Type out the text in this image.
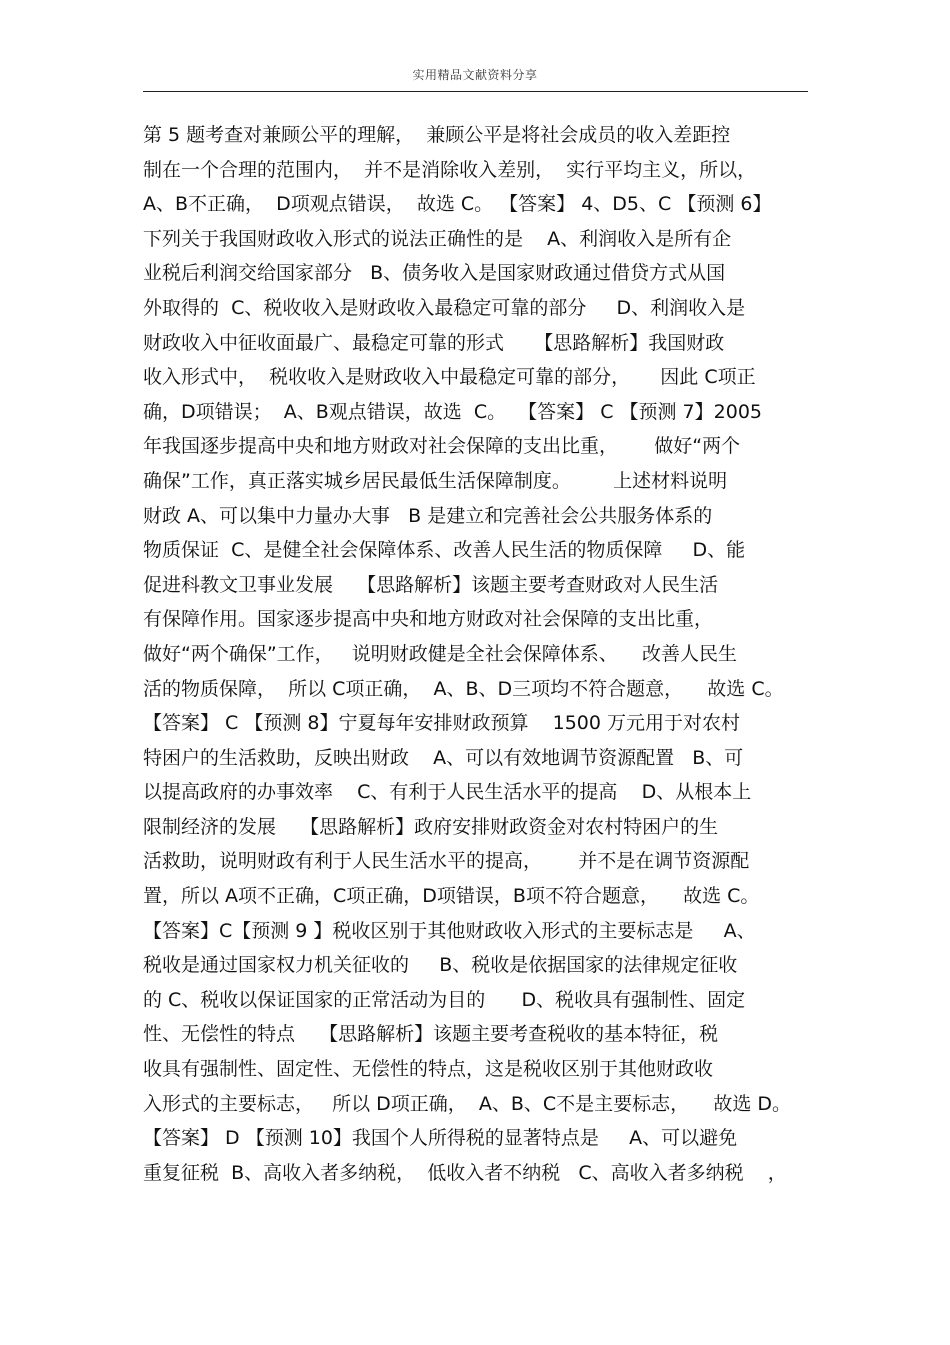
实用精品文献资料分享
第 5 题考查对兼顾公平的理解，  兼顾公平是将社会成员的收入差距控
制在一个合理的范围内，  并不是消除收入差别，  实行平均主义，所以，
A、B不正确，  D项观点错误，  故选 C。 【答案】 4、D5、C 【预测 6】
下列关于我国财政收入形式的说法正确性的是    A、利润收入是所有企
业税后利润交给国家部分   B、债务收入是国家财政通过借贷方式从国
外取得的  C、税收收入是财政收入最稳定可靠的部分     D、利润收入是
财政收入中征收面最广、最稳定可靠的形式     【思路解析】我国财政
收入形式中，  税收收入是财政收入中最稳定可靠的部分，     因此 C项正
确，D项错误；  A、B观点错误，故选  C。  【答案】 C 【预测 7】2005
年我国逐步提高中央和地方财政对社会保障的支出比重，      做好“两个
确保”工作，真正落实城乡居民最低生活保障制度。       上述材料说明
财政 A、可以集中力量办大事   B 是建立和完善社会公共服务体系的
物质保证  C、是健全社会保障体系、改善人民生活的物质保障     D、能
促进科教文卫事业发展    【思路解析】该题主要考查财政对人民生活
有保障作用。国家逐步提高中央和地方财政对社会保障的支出比重，
做好“两个确保”工作，   说明财政健是全社会保障体系、    改善人民生
活的物质保障，  所以 C项正确，  A、B、D三项均不符合题意，    故选 C。
【答案】 C 【预测 8】宁夏每年安排财政预算    1500 万元用于对农村
特困户的生活救助，反映出财政    A、可以有效地调节资源配置   B、可
以提高政府的办事效率    C、有利于人民生活水平的提高    D、从根本上
限制经济的发展    【思路解析】政府安排财政资金对农村特困户的生
活救助，说明财政有利于人民生活水平的提高，      并不是在调节资源配
置，所以 A项不正确，C项正确，D项错误，B项不符合题意，    故选 C。
【答案】C【预测 9 】税收区别于其他财政收入形式的主要标志是     A、
税收是通过国家权力机关征收的     B、税收是依据国家的法律规定征收
的 C、税收以保证国家的正常活动为目的      D、税收具有强制性、固定
性、无偿性的特点    【思路解析】该题主要考查税收的基本特征，税
收具有强制性、固定性、无偿性的特点，这是税收区别于其他财政收
入形式的主要标志，   所以 D项正确，  A、B、C不是主要标志，    故选 D。
【答案】 D 【预测 10】我国个人所得税的显著特点是     A、可以避免
重复征税  B、高收入者多纳税，  低收入者不纳税   C、高收入者多纳税    ，
